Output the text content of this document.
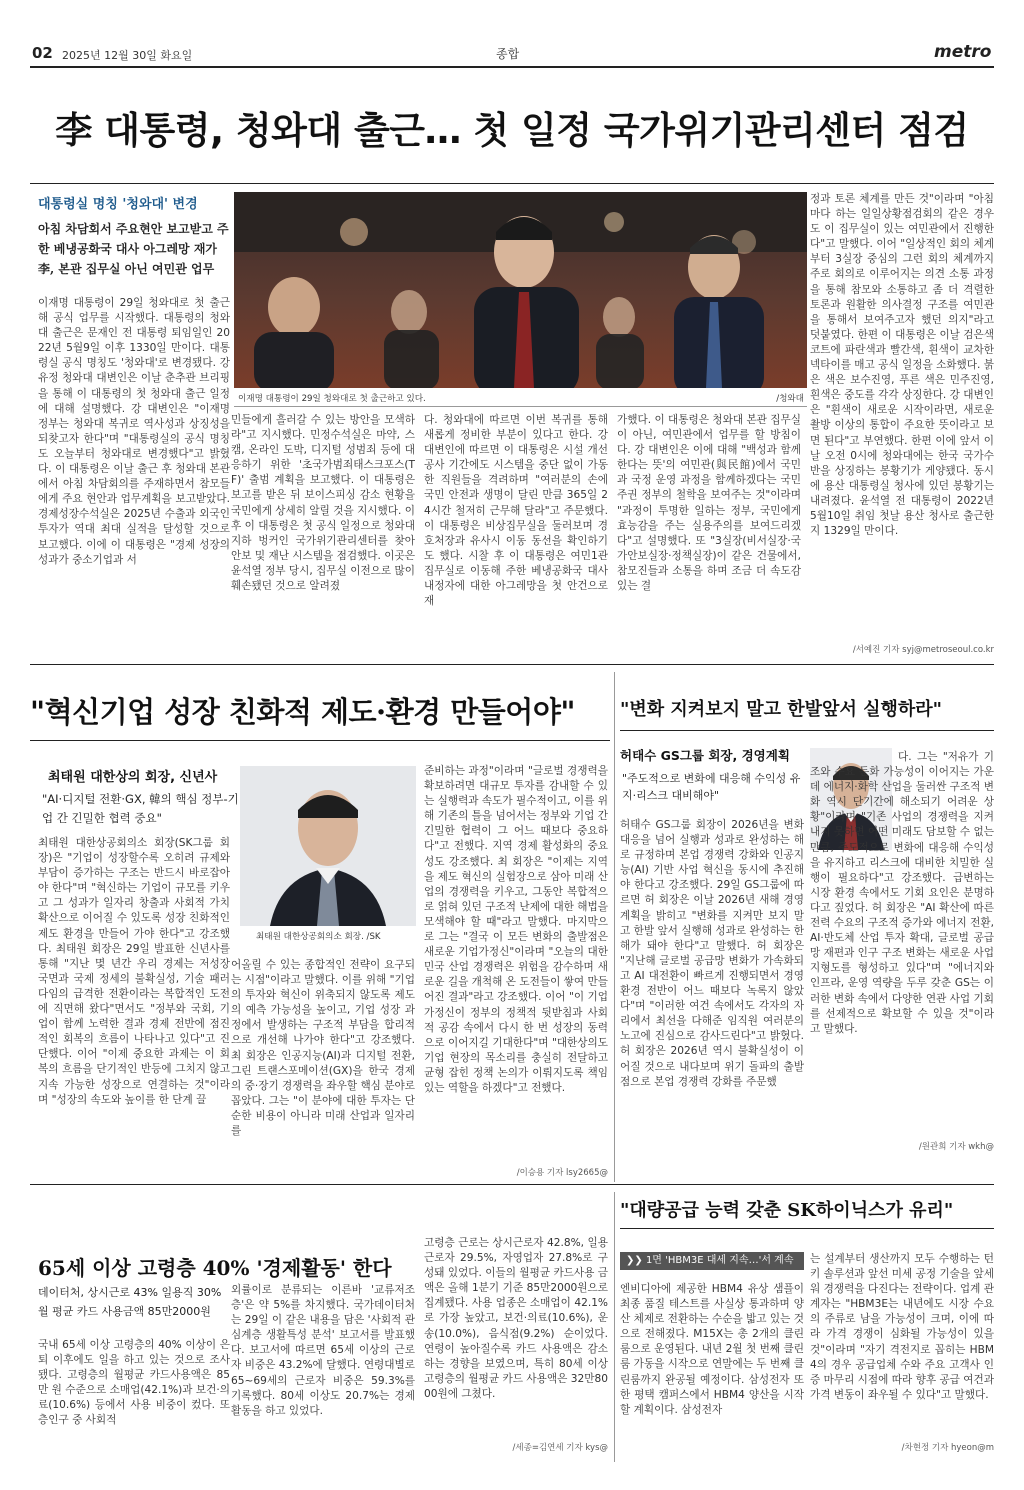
02 2025년 12월 30일 화요일	종합	metro
李 대통령, 청와대 출근… 첫 일정 국가위기관리센터 점검
대통령실 명칭 '청와대' 변경
아침 차담회서 주요현안 보고받고 주한 베냉공화국 대사 아그레망 재가 李, 본관 집무실 아닌 여민관 업무
이재명 대통령이 29일 청와대로 첫 출근해 공식 업무를 시작했다. 대통령의 청와대 출근은 문재인 전 대통령 퇴임일인 2022년 5월9일 이후 1330일 만이다. 대통령실 공식 명칭도 '청와대'로 변경됐다. 강유정 청와대 대변인은 이날 춘추관 브리핑을 통해 이 대통령의 첫 청와대 출근 일정에 대해 설명했다. 강 대변인은 "이재명 정부는 청와대 복귀로 역사성과 상징성을 되찾고자 한다"며 "대통령실의 공식 명칭도 오늘부터 청와대로 변경했다"고 밝혔다. 이 대통령은 이날 출근 후 청와대 본관에서 아침 차담회의를 주재하면서 참모들에게 주요 현안과 업무계획을 보고받았다. 경제성장수석실은 2025년 수출과 외국인 투자가 역대 최대 실적을 달성할 것으로 보고했다. 이에 이 대통령은 "경제 성장의 성과가 중소기업과 서
이재명 대통령이 29일 청와대로 첫 출근하고 있다.	/청와대
민들에게 흘러갈 수 있는 방안을 모색하라"고 지시했다. 민정수석실은 마약, 스캠, 온라인 도박, 디지털 성범죄 등에 대응하기 위한 '초국가범죄태스크포스(TF)' 출범 계획을 보고했다. 이 대통령은 보고를 받은 뒤 보이스피싱 감소 현황을 국민에게 상세히 알릴 것을 지시했다. 이후 이 대통령은 첫 공식 일정으로 청와대 지하 벙커인 국가위기관리센터를 찾아 안보 및 재난 시스템을 점검했다. 이곳은 윤석열 정부 당시, 집무실 이전으로 많이 훼손됐던 것으로 알려졌
다. 청와대에 따르면 이번 복귀를 통해 새롭게 정비한 부분이 있다고 한다. 강 대변인에 따르면 이 대통령은 시설 개선 공사 기간에도 시스템을 중단 없이 가동한 직원들을 격려하며 "여러분의 손에 국민 안전과 생명이 달린 만큼 365일 24시간 철저히 근무해 달라"고 주문했다. 이 대통령은 비상집무실을 둘러보며 경호처장과 유사시 이동 동선을 확인하기도 했다. 시찰 후 이 대통령은 여민1관 집무실로 이동해 주한 베냉공화국 대사 내정자에 대한 아그레망을 첫 안건으로 재
가했다. 이 대통령은 청와대 본관 집무실이 아닌, 여민관에서 업무를 할 방침이다. 강 대변인은 이에 대해 "백성과 함께 한다는 뜻'의 여민관(與民館)에서 국민과 국정 운영 과정을 함께하겠다는 국민주권 정부의 철학을 보여주는 것"이라며 "과정이 투명한 일하는 정부, 국민에게 효능감을 주는 실용주의를 보여드리겠다"고 설명했다. 또 "3실장(비서실장·국가안보실장·정책실장)이 같은 건물에서, 참모진들과 소통을 하며 조금 더 속도감 있는 결
정과 토론 체계를 만든 것"이라며 "아침마다 하는 일일상황점검회의 같은 경우도 이 집무실이 있는 여민관에서 진행한다"고 말했다. 이어 "일상적인 회의 체계부터 3실장 중심의 그런 회의 체계까지 주로 회의로 이루어지는 의견 소통 과정을 통해 참모와 소통하고 좀 더 격렬한 토론과 원활한 의사결정 구조를 여민관을 통해서 보여주고자 했던 의지"라고 덧붙였다. 한편 이 대통령은 이날 검은색 코트에 파란색과 빨간색, 흰색이 교차한 넥타이를 매고 공식 일정을 소화했다. 붉은 색은 보수진영, 푸른 색은 민주진영, 흰색은 중도를 각각 상징한다. 강 대변인은 "흰색이 새로운 시작이라면, 새로운 촬방 이상의 통합이 주요한 뜻이라고 보면 된다"고 부연했다. 한편 이에 앞서 이날 오전 0시에 청와대에는 한국 국가수반을 상징하는 봉황기가 게양됐다. 동시에 용산 대통령실 청사에 있던 봉황기는 내려졌다. 윤석열 전 대통령이 2022년 5월10일 취임 첫날 용산 청사로 출근한 지 1329일 만이다.
/서예진 기자 syj@metroseoul.co.kr
"혁신기업 성장 친화적 제도·환경 만들어야"
최태원 대한상의 회장, 신년사
"AI·디지털 전환·GX, 韓의 핵심 정부-기업 간 긴밀한 협력 중요"
최태원 대한상공회의소 회장(SK그룹 회장)은 "기업이 성장할수록 오히려 규제와 부담이 증가하는 구조는 반드시 바로잡아야 한다"며 "혁신하는 기업이 규모를 키우고 그 성과가 일자리 창출과 사회적 가치 확산으로 이어질 수 있도록 성장 친화적인 제도 환경을 만들어 가야 한다"고 강조했다. 최태원 회장은 29일 발표한 신년사를 통해 "지난 몇 년간 우리 경제는 저성장 국면과 국제 정세의 불확실성, 기술 패러다임의 급격한 전환이라는 복합적인 도전에 직면해 왔다"면서도 "정부와 국회, 기업이 함께 노력한 결과 경제 전반에 점진적인 회복의 흐름이 나타나고 있다"고 진단했다. 이어 "이제 중요한 과제는 이 회복의 흐름을 단기적인 반등에 그치지 않고 지속 가능한 성장으로 연결하는 것"이라며 "성장의 속도와 높이를 한 단계 끌
최태원 대한상공회의소 회장. /SK
어올릴 수 있는 종합적인 전략이 요구되는 시점"이라고 말했다. 이를 위해 "기업의 투자와 혁신이 위축되지 않도록 제도의 예측 가능성을 높이고, 기업 성장 과정에서 발생하는 구조적 부담을 합리적으로 개선해 나가야 한다"고 강조했다. 최 회장은 인공지능(AI)과 디지털 전환, 그린 트랜스포메이션(GX)을 한국 경제의 중·장기 경쟁력을 좌우할 핵심 분야로 꼽았다. 그는 "이 분야에 대한 투자는 단순한 비용이 아니라 미래 산업과 일자리를
준비하는 과정"이라며 "글로벌 경쟁력을 확보하려면 대규모 투자를 감내할 수 있는 실행력과 속도가 필수적이고, 이를 위해 기존의 틀을 넘어서는 정부와 기업 간 긴밀한 협력이 그 어느 때보다 중요하다"고 전했다. 지역 경제 활성화의 중요성도 강조했다. 최 회장은 "이제는 지역을 제도 혁신의 실험장으로 삼아 미래 산업의 경쟁력을 키우고, 그동안 복합적으로 얽혀 있던 구조적 난제에 대한 해법을 모색해야 할 때"라고 말했다. 마지막으로 그는 "결국 이 모든 변화의 출발점은 새로운 기업가정신"이라며 "오늘의 대한민국 산업 경쟁력은 위험을 감수하며 새로운 길을 개척해 온 도전들이 쌓여 만들어진 결과"라고 강조했다. 이어 "이 기업가정신이 정부의 정책적 뒷받침과 사회적 공감 속에서 다시 한 번 성장의 동력으로 이어지길 기대한다"며 "대한상의도 기업 현장의 목소리를 충실히 전달하고 균형 잡힌 정책 논의가 이뤄지도록 책임 있는 역할을 하겠다"고 전했다.
/이승용 기자 lsy2665@
"변화 지켜보지 말고 한발앞서 실행하라"
허태수 GS그룹 회장, 경영계획
"주도적으로 변화에 대응해 수익성 유지·리스크 대비해야"
허태수 GS그룹 회장이 2026년을 변화 대응을 넘어 실행과 성과로 완성하는 해로 규정하며 본업 경쟁력 강화와 인공지능(AI) 기반 사업 혁신을 동시에 추진해야 한다고 강조했다. 29일 GS그룹에 따르면 허 회장은 이날 2026년 새해 경영계획을 밝히고 "변화를 지켜만 보지 말고 한발 앞서 실행해 성과로 완성하는 한 해가 돼야 한다"고 말했다. 허 회장은 "지난해 글로벌 공급망 변화가 가속화되고 AI 대전환이 빠르게 진행되면서 경영 환경 전반이 어느 때보다 녹록지 않았다"며 "이러한 여건 속에서도 각자의 자리에서 최선을 다해준 임직원 여러분의 노고에 진심으로 감사드린다"고 밝혔다. 허 회장은 2026년 역시 불확실성이 이어질 것으로 내다보며 위기 돌파의 출발점으로 본업 경쟁력 강화를 주문했
다. 그는 "저유가 기조와 수요 둔화 가능성이 이어지는 가운데 에너지·화학 산업을 둘러싼 구조적 변화 역시 단기간에 해소되기 어려운 상황"이라며 "기존 사업의 경쟁력을 지켜내지 못하면 어떤 미래도 담보할 수 없는 만큼, 주도적으로 변화에 대응해 수익성을 유지하고 리스크에 대비한 치밀한 실행이 필요하다"고 강조했다. 급변하는 시장 환경 속에서도 기회 요인은 분명하다고 짚었다. 허 회장은 "AI 확산에 따른 전력 수요의 구조적 증가와 에너지 전환, AI·반도체 산업 투자 확대, 글로벌 공급망 재편과 인구 구조 변화는 새로운 사업 지형도를 형성하고 있다"며 "에너지와 인프라, 운영 역량을 두루 갖춘 GS는 이러한 변화 속에서 다양한 연관 사업 기회를 선제적으로 확보할 수 있을 것"이라고 말했다.
/원관희 기자 wkh@
65세 이상 고령층 40% '경제활동' 한다
데이터처, 상시근로 43% 일용직 30% 월 평균 카드 사용금액 85만2000원
국내 65세 이상 고령층의 40% 이상이 은퇴 이후에도 일을 하고 있는 것으로 조사됐다. 고령층의 월평균 카드사용액은 85만 원 수준으로 소매업(42.1%)과 보건·의료(10.6%) 등에서 사용 비중이 컸다. 또 층인구 중 사회적
외률이로 분류되는 이른바 '교류저조층'은 약 5%를 차지했다. 국가데이터처는 29일 이 같은 내용을 담은 '사회적 관심계층 생활특성 분석' 보고서를 발표했다. 보고서에 따르면 65세 이상의 근로자 비중은 43.2%에 달했다. 연령대별로 65~69세의 근로자 비중은 59.3%를 기록했다. 80세 이상도 20.7%는 경제활동을 하고 있었다.
고령층 근로는 상시근로자 42.8%, 일용근로자 29.5%, 자영업자 27.8%로 구성돼 있었다. 이들의 월평균 카드사용 금액은 올해 1분기 기준 85만2000원으로 집계됐다. 사용 업종은 소매업이 42.1%로 가장 높았고, 보건·의료(10.6%), 운송(10.0%), 음식점(9.2%) 순이었다. 연령이 높아질수록 카드 사용액은 감소하는 경향을 보였으며, 특히 80세 이상 고령층의 월평균 카드 사용액은 32만8000원에 그쳤다.
/세종=김연세 기자 kys@
"대량공급 능력 갖춘 SK하이닉스가 유리"
❯❯ 1면 'HBM3E 대세 지속…'서 계속
엔비디아에 제공한 HBM4 유상 샘플이 최종 품질 테스트를 사실상 통과하며 양산 체제로 전환하는 수순을 밟고 있는 것으로 전해졌다. M15X는 총 2개의 클린룸으로 운영된다. 내년 2월 첫 번째 클린룸 가동을 시작으로 연말에는 두 번째 클린룸까지 완공될 예정이다. 삼성전자 또한 평택 캠퍼스에서 HBM4 양산을 시작할 계획이다. 삼성전자
는 설계부터 생산까지 모두 수행하는 턴키 솔루션과 앞선 미세 공정 기술을 앞세워 경쟁력을 다진다는 전략이다. 업계 관계자는 "HBM3E는 내년에도 시장 수요의 주류로 남을 가능성이 크며, 이에 따라 가격 경쟁이 심화될 가능성이 있을 것"이라며 "자기 격전지로 꼽히는 HBM4의 경우 공급업체 수와 주요 고객사 인증 마무리 시점에 따라 향후 공급 여건과 가격 변동이 좌우될 수 있다"고 말했다.
/차현정 기자 hyeon@m
